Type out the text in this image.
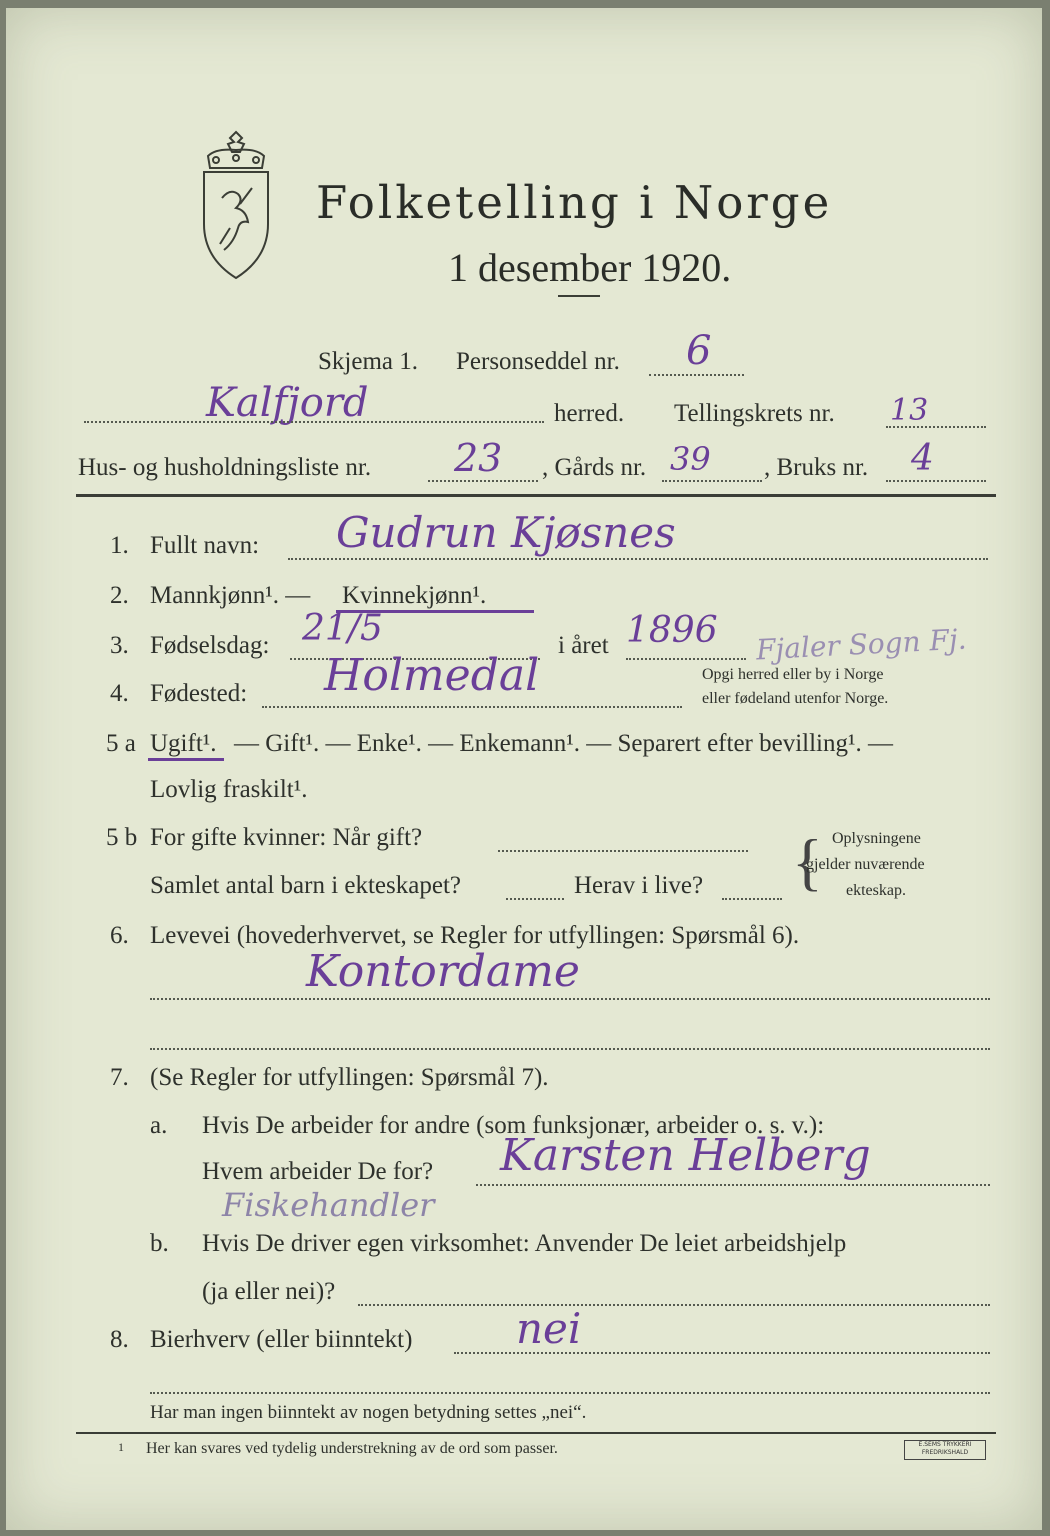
Folketelling i Norge
1 desember 1920.
Skjema 1. Personseddel nr. 6
Kalfjord	herred. Tellingskrets nr. 13
Hus- og husholdningsliste nr. 23 , Gårds nr. 39 , Bruks nr. 4
1. Fullt navn: Gudrun Kjøsnes
2. Mannkjønn¹. — Kvinnekjønn¹.
3. Fødselsdag: 21/5	i året 1896
4. Fødested: Holmedal
Fjaler Sogn Fj.
Opgi herred eller by i Norge
eller fødeland utenfor Norge.
5 a Ugift¹. — Gift¹. — Enke¹. — Enkemann¹. — Separert efter bevilling¹. —
Lovlig fraskilt¹.
5 b For gifte kvinner: Når gift?
Samlet antal barn i ekteskapet?	Herav i live? { Oplysningene
gjelder nuværende
ekteskap.
6. Levevei (hovederhvervet, se Regler for utfyllingen: Spørsmål 6).
Kontordame
7. (Se Regler for utfyllingen: Spørsmål 7).
a. Hvis De arbeider for andre (som funksjonær, arbeider o. s. v.):
Hvem arbeider De for? Karsten Helberg
Fiskehandler
b. Hvis De driver egen virksomhet: Anvender De leiet arbeidshjelp
(ja eller nei)?
8. Bierhverv (eller biinntekt) nei
Har man ingen biinntekt av nogen betydning settes „nei“.
1 Her kan svares ved tydelig understrekning av de ord som passer.	E.SEMS TRYKKERI FREDRIKSHALD
